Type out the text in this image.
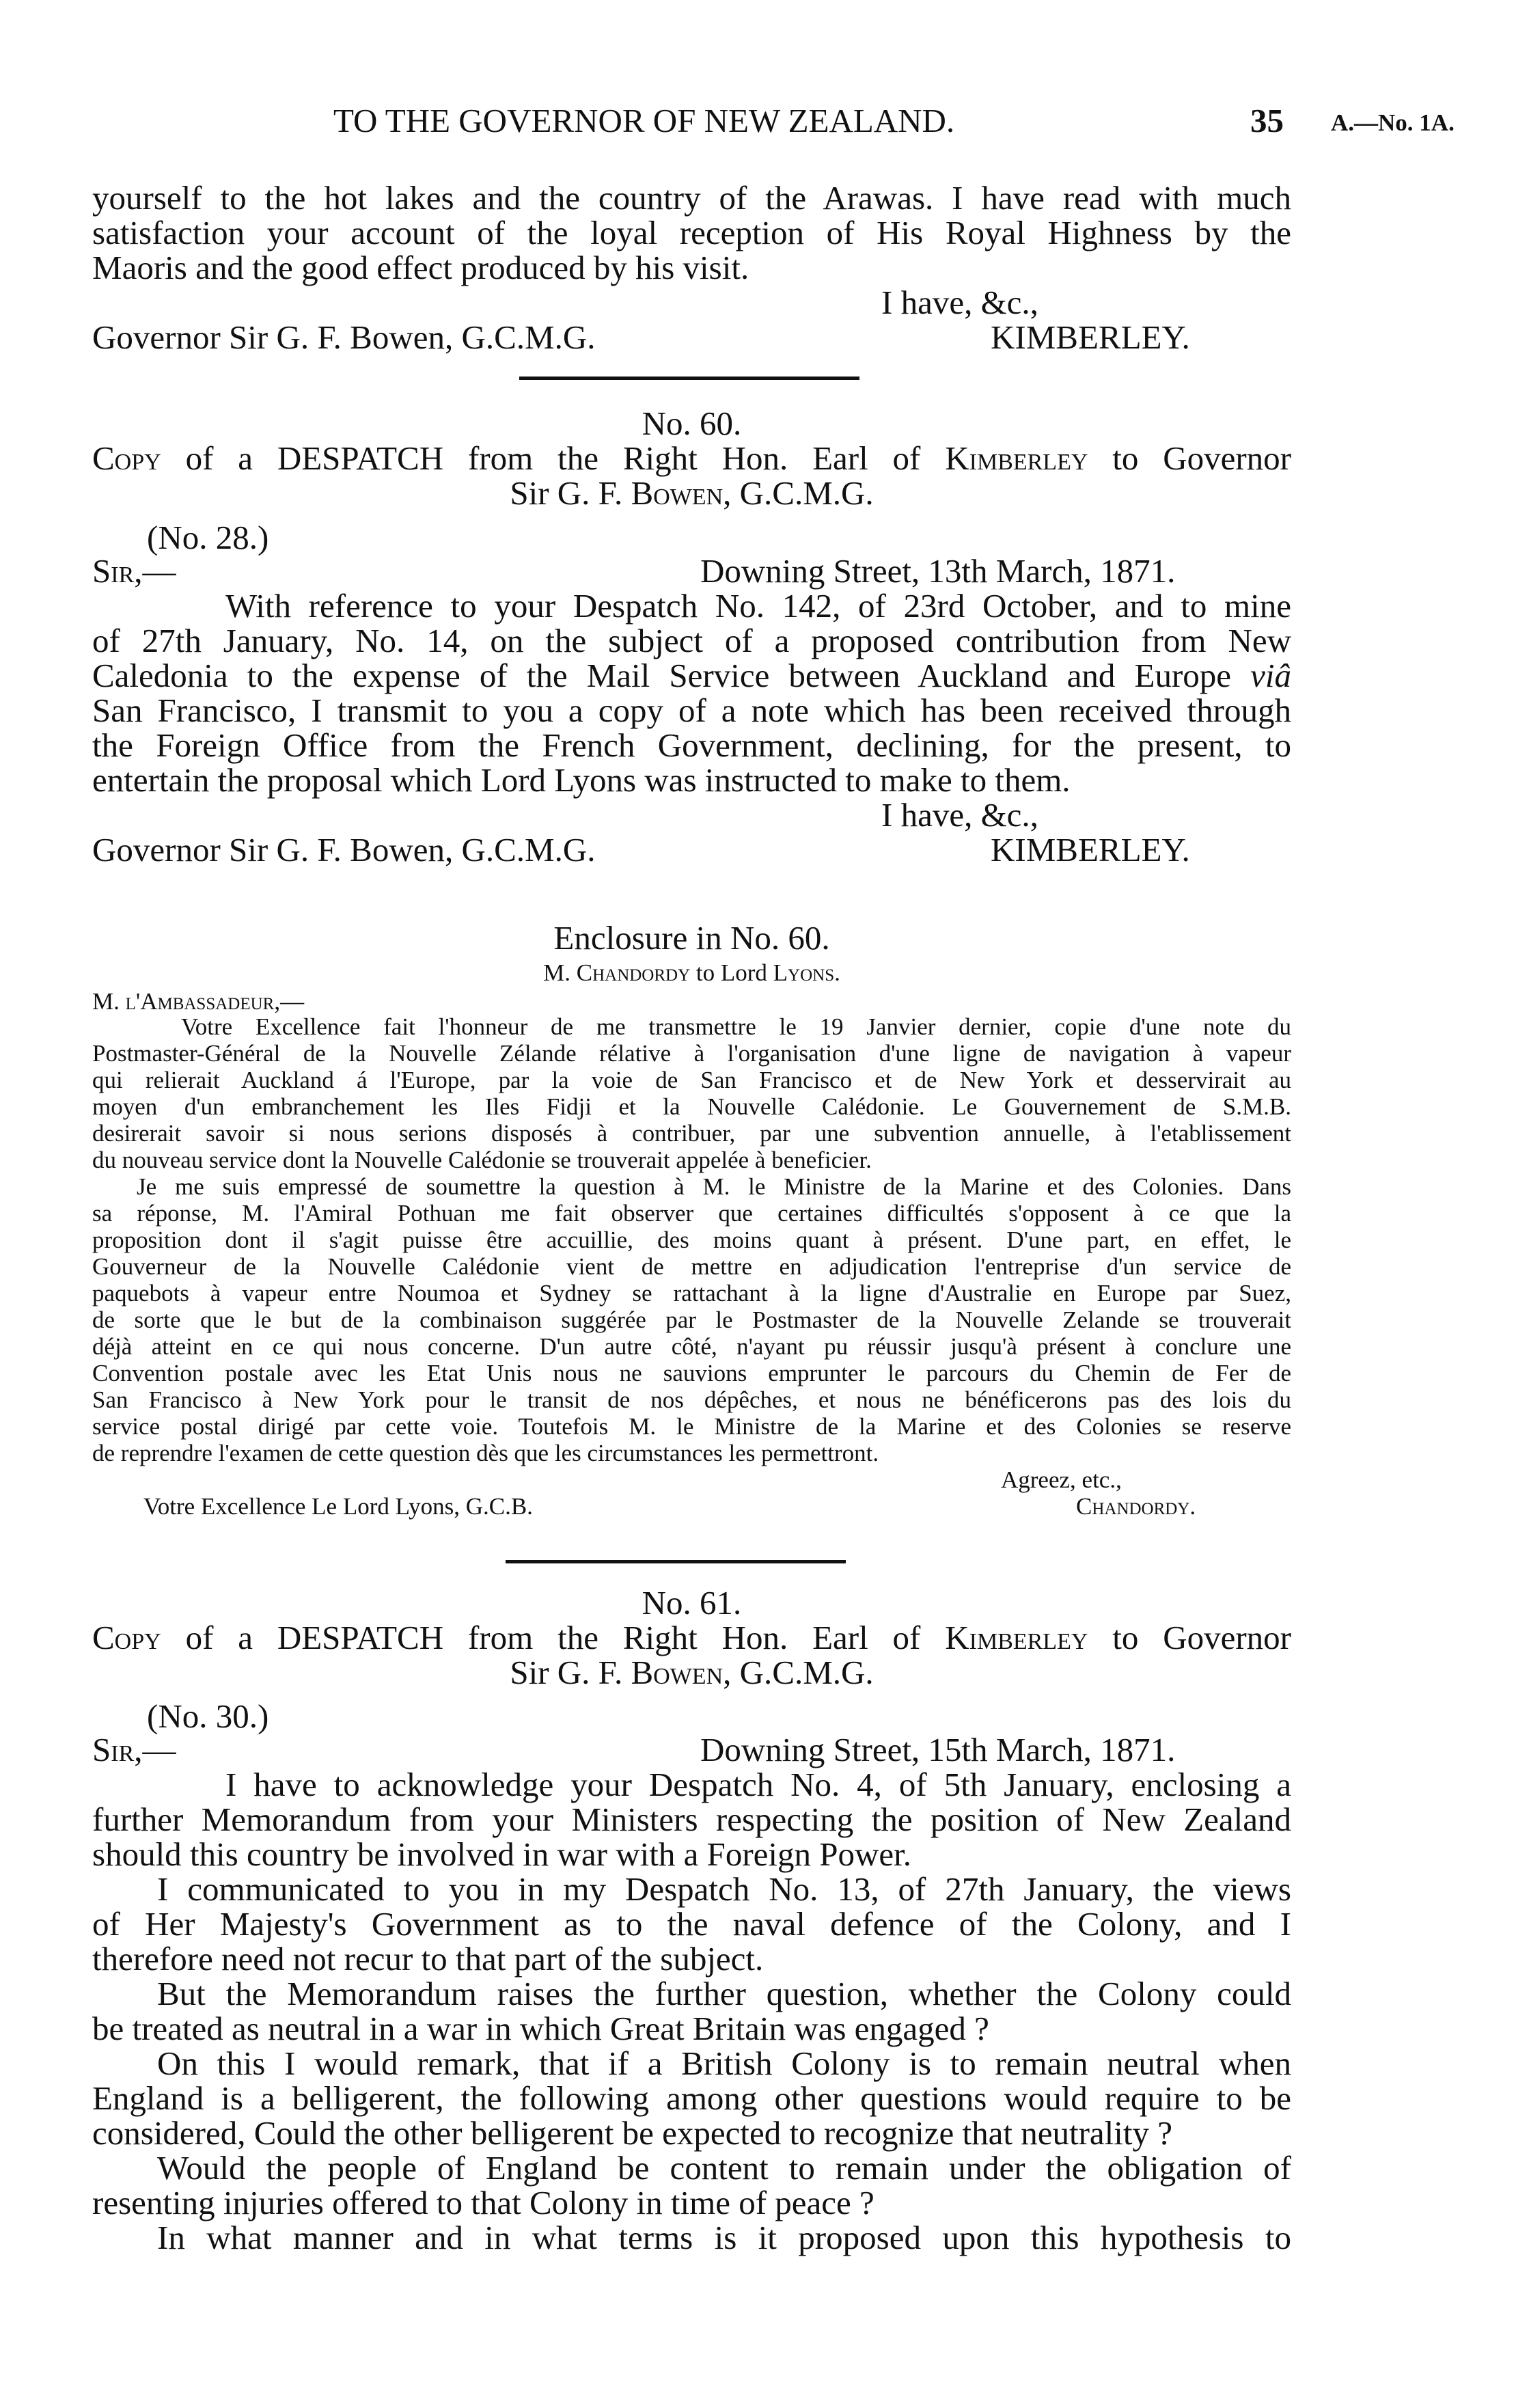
TO THE GOVERNOR OF NEW ZEALAND.	35 A.—No. 1A.
yourself to the hot lakes and the country of the Arawas. I have read with much
satisfaction your account of the loyal reception of His Royal Highness by the
Maoris and the good effect produced by his visit.
I have, &c.,
Governor Sir G. F. Bowen, G.C.M.G.	KIMBERLEY.
No. 60.
Copy of a DESPATCH from the Right Hon. Earl of Kimberley to Governor
Sir G. F. Bowen, G.C.M.G.
(No. 28.)
Sir,—	Downing Street, 13th March, 1871.
With reference to your Despatch No. 142, of 23rd October, and to mine
of 27th January, No. 14, on the subject of a proposed contribution from New
Caledonia to the expense of the Mail Service between Auckland and Europe viâ
San Francisco, I transmit to you a copy of a note which has been received through
the Foreign Office from the French Government, declining, for the present, to
entertain the proposal which Lord Lyons was instructed to make to them.
I have, &c.,
Governor Sir G. F. Bowen, G.C.M.G.	KIMBERLEY.
Enclosure in No. 60.
M. Chandordy to Lord Lyons.
M. l'Ambassadeur,—
Votre Excellence fait l'honneur de me transmettre le 19 Janvier dernier, copie d'une note du
Postmaster-Général de la Nouvelle Zélande rélative à l'organisation d'une ligne de navigation à vapeur
qui relierait Auckland á l'Europe, par la voie de San Francisco et de New York et desservirait au
moyen d'un embranchement les Iles Fidji et la Nouvelle Calédonie. Le Gouvernement de S.M.B.
desirerait savoir si nous serions disposés à contribuer, par une subvention annuelle, à l'etablissement
du nouveau service dont la Nouvelle Calédonie se trouverait appelée à beneficier.
Je me suis empressé de soumettre la question à M. le Ministre de la Marine et des Colonies. Dans
sa réponse, M. l'Amiral Pothuan me fait observer que certaines difficultés s'opposent à ce que la
proposition dont il s'agit puisse être accuillie, des moins quant à présent. D'une part, en effet, le
Gouverneur de la Nouvelle Calédonie vient de mettre en adjudication l'entreprise d'un service de
paquebots à vapeur entre Noumoa et Sydney se rattachant à la ligne d'Australie en Europe par Suez,
de sorte que le but de la combinaison suggérée par le Postmaster de la Nouvelle Zelande se trouverait
déjà atteint en ce qui nous concerne. D'un autre côté, n'ayant pu réussir jusqu'à présent à conclure une
Convention postale avec les Etat Unis nous ne sauvions emprunter le parcours du Chemin de Fer de
San Francisco à New York pour le transit de nos dépêches, et nous ne bénéficerons pas des lois du
service postal dirigé par cette voie. Toutefois M. le Ministre de la Marine et des Colonies se reserve
de reprendre l'examen de cette question dès que les circumstances les permettront.
Agreez, etc.,
Votre Excellence Le Lord Lyons, G.C.B.	Chandordy.
No. 61.
Copy of a DESPATCH from the Right Hon. Earl of Kimberley to Governor
Sir G. F. Bowen, G.C.M.G.
(No. 30.)
Sir,—	Downing Street, 15th March, 1871.
I have to acknowledge your Despatch No. 4, of 5th January, enclosing a
further Memorandum from your Ministers respecting the position of New Zealand
should this country be involved in war with a Foreign Power.
I communicated to you in my Despatch No. 13, of 27th January, the views
of Her Majesty's Government as to the naval defence of the Colony, and I
therefore need not recur to that part of the subject.
But the Memorandum raises the further question, whether the Colony could
be treated as neutral in a war in which Great Britain was engaged ?
On this I would remark, that if a British Colony is to remain neutral when
England is a belligerent, the following among other questions would require to be
considered, Could the other belligerent be expected to recognize that neutrality ?
Would the people of England be content to remain under the obligation of
resenting injuries offered to that Colony in time of peace ?
In what manner and in what terms is it proposed upon this hypothesis to
